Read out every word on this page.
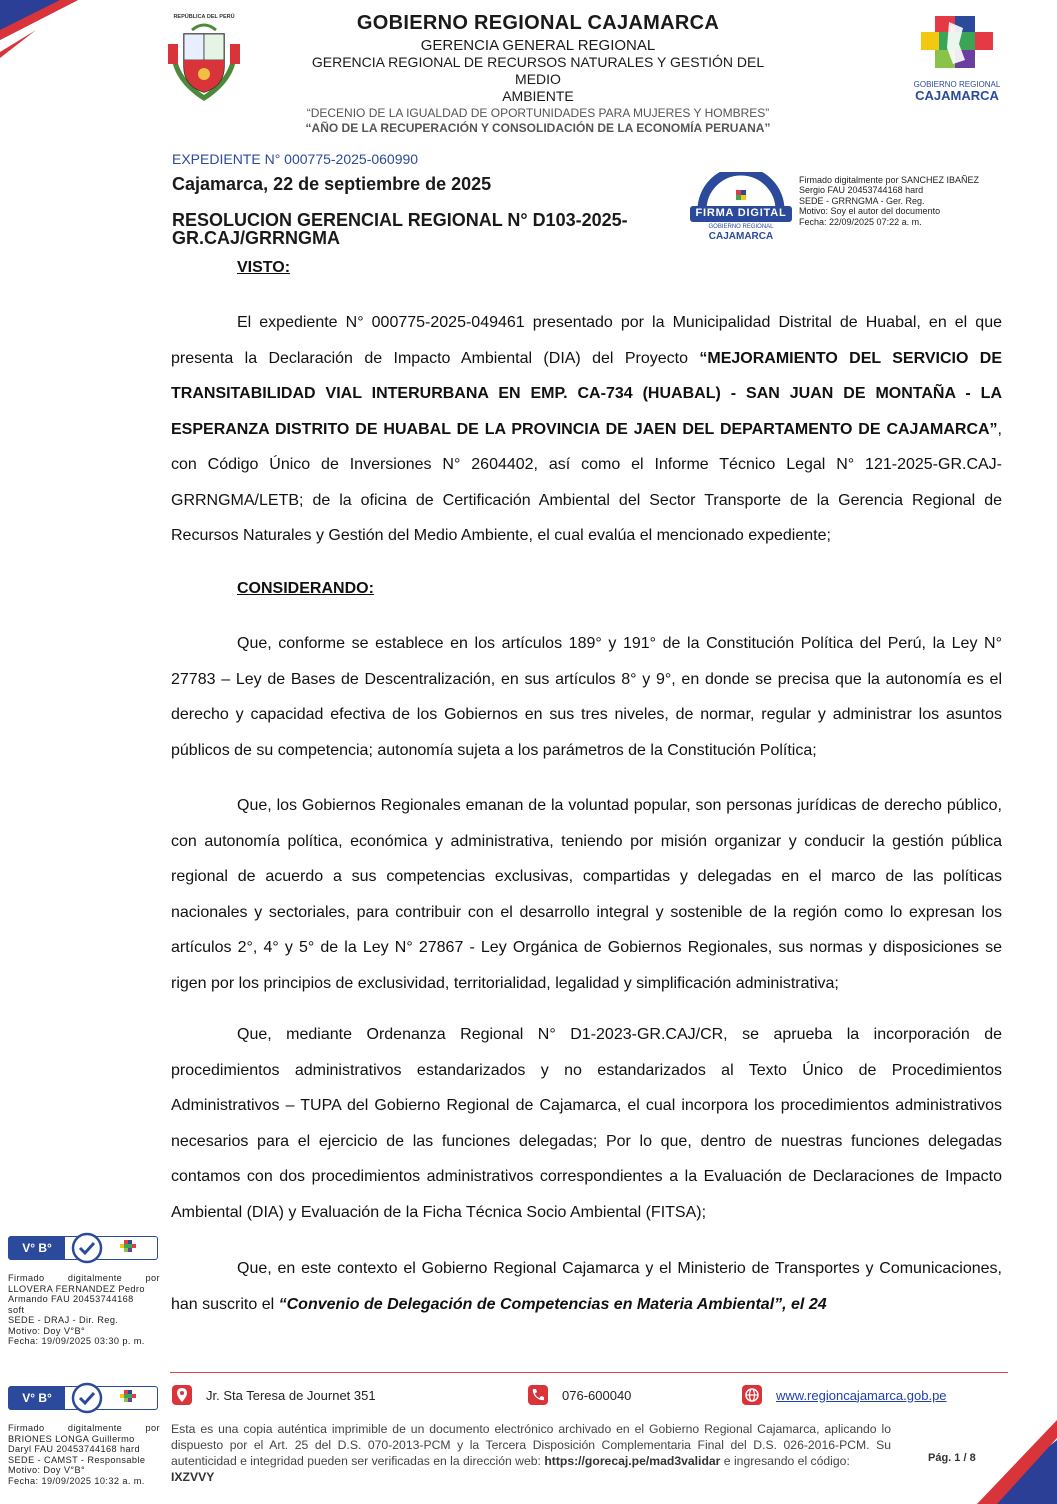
REPÚBLICA DEL PERÚ	GOBIERNO REGIONAL CAJAMARCA
GERENCIA GENERAL REGIONAL
GERENCIA REGIONAL DE RECURSOS NATURALES Y GESTIÓN DEL MEDIO
AMBIENTE
GOBIERNO REGIONAL
CAJAMARCA
“DECENIO DE LA IGUALDAD DE OPORTUNIDADES PARA MUJERES Y HOMBRES”
“AÑO DE LA RECUPERACIÓN Y CONSOLIDACIÓN DE LA ECONOMÍA PERUANA”
EXPEDIENTE N° 000775-2025-060990
Cajamarca, 22 de septiembre de 2025
RESOLUCION GERENCIAL REGIONAL N° D103-2025-GR.CAJ/GRRNGMA
FIRMA DIGITAL
GOBIERNO REGIONAL
CAJAMARCA
Firmado digitalmente por SANCHEZ IBAÑEZ
Sergio FAU 20453744168 hard
SEDE - GRRNGMA - Ger. Reg.
Motivo: Soy el autor del documento
Fecha: 22/09/2025 07:22 a. m.
VISTO:
El expediente N° 000775-2025-049461 presentado por la Municipalidad Distrital de Huabal, en el que presenta la Declaración de Impacto Ambiental (DIA) del Proyecto “MEJORAMIENTO DEL SERVICIO DE TRANSITABILIDAD VIAL INTERURBANA EN EMP. CA-734 (HUABAL) - SAN JUAN DE MONTAÑA - LA ESPERANZA DISTRITO DE HUABAL DE LA PROVINCIA DE JAEN DEL DEPARTAMENTO DE CAJAMARCA”, con Código Único de Inversiones N° 2604402, así como el Informe Técnico Legal N° 121-2025-GR.CAJ-GRRNGMA/LETB; de la oficina de Certificación Ambiental del Sector Transporte de la Gerencia Regional de Recursos Naturales y Gestión del Medio Ambiente, el cual evalúa el mencionado expediente;
CONSIDERANDO:
Que, conforme se establece en los artículos 189° y 191° de la Constitución Política del Perú, la Ley N° 27783 – Ley de Bases de Descentralización, en sus artículos 8° y 9°, en donde se precisa que la autonomía es el derecho y capacidad efectiva de los Gobiernos en sus tres niveles, de normar, regular y administrar los asuntos públicos de su competencia; autonomía sujeta a los parámetros de la Constitución Política;
Que, los Gobiernos Regionales emanan de la voluntad popular, son personas jurídicas de derecho público, con autonomía política, económica y administrativa, teniendo por misión organizar y conducir la gestión pública regional de acuerdo a sus competencias exclusivas, compartidas y delegadas en el marco de las políticas nacionales y sectoriales, para contribuir con el desarrollo integral y sostenible de la región como lo expresan los artículos 2°, 4° y 5° de la Ley N° 27867 - Ley Orgánica de Gobiernos Regionales, sus normas y disposiciones se rigen por los principios de exclusividad, territorialidad, legalidad y simplificación administrativa;
Que, mediante Ordenanza Regional N° D1-2023-GR.CAJ/CR, se aprueba la incorporación de procedimientos administrativos estandarizados y no estandarizados al Texto Único de Procedimientos Administrativos – TUPA del Gobierno Regional de Cajamarca, el cual incorpora los procedimientos administrativos necesarios para el ejercicio de las funciones delegadas; Por lo que, dentro de nuestras funciones delegadas contamos con dos procedimientos administrativos correspondientes a la Evaluación de Declaraciones de Impacto Ambiental (DIA) y Evaluación de la Ficha Técnica Socio Ambiental (FITSA);
Que, en este contexto el Gobierno Regional Cajamarca y el Ministerio de Transportes y Comunicaciones, han suscrito el “Convenio de Delegación de Competencias en Materia Ambiental”, el 24
V° B°
Firmado digitalmente por
LLOVERA FERNANDEZ Pedro
Armando FAU 20453744168
soft
SEDE - DRAJ - Dir. Reg.
Motivo: Doy V°B°
Fecha: 19/09/2025 03:30 p. m.
V° B°
Firmado digitalmente por
BRIONES LONGA Guillermo
Daryl FAU 20453744168 hard
SEDE - CAMST - Responsable
Motivo: Doy V°B°
Fecha: 19/09/2025 10:32 a. m.
Jr. Sta Teresa de Journet 351	076-600040	www.regioncajamarca.gob.pe
Esta es una copia auténtica imprimible de un documento electrónico archivado en el Gobierno Regional Cajamarca, aplicando lo dispuesto por el Art. 25 del D.S. 070-2013-PCM y la Tercera Disposición Complementaria Final del D.S. 026-2016-PCM. Su autenticidad e integridad pueden ser verificadas en la dirección web: https://gorecaj.pe/mad3validar e ingresando el código:
IXZVVY
Pág. 1 / 8
